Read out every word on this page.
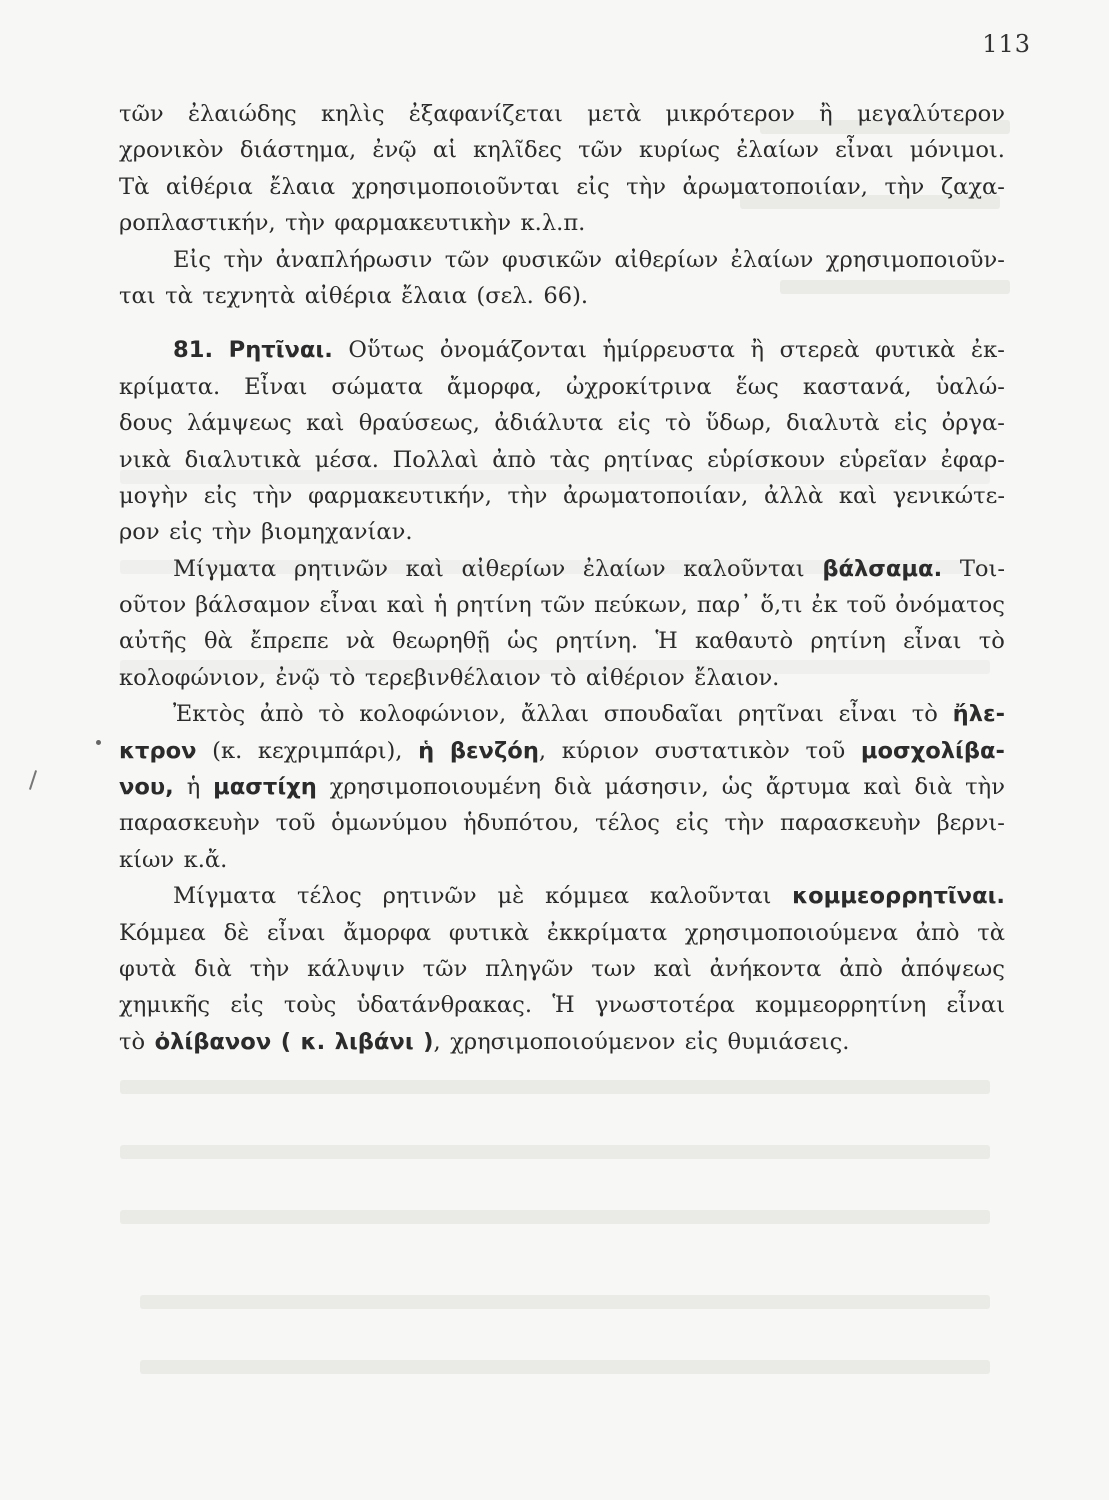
113
τῶν ἐλαιώδης κηλὶς ἐξαφανίζεται μετὰ μικρότερον ἢ μεγαλύτερον
χρονικὸν διάστημα, ἐνῷ αἱ κηλῖδες τῶν κυρίως ἐλαίων εἶναι μόνιμοι.
Τὰ αἰθέρια ἔλαια χρησιμοποιοῦνται εἰς τὴν ἀρωματοποιίαν, τὴν ζαχα-
ροπλαστικήν, τὴν φαρμακευτικὴν κ.λ.π.
Εἰς τὴν ἀναπλήρωσιν τῶν φυσικῶν αἰθερίων ἐλαίων χρησιμοποιοῦν-
ται τὰ τεχνητὰ αἰθέρια ἔλαια (σελ. 66).
81. Ρητῖναι. Οὕτως ὀνομάζονται ἡμίρρευστα ἢ στερεὰ φυτικὰ ἐκ-
κρίματα. Εἶναι σώματα ἄμορφα, ὠχροκίτρινα ἕως καστανά, ὑαλώ-
δους λάμψεως καὶ θραύσεως, ἀδιάλυτα εἰς τὸ ὕδωρ, διαλυτὰ εἰς ὀργα-
νικὰ διαλυτικὰ μέσα. Πολλαὶ ἀπὸ τὰς ρητίνας εὑρίσκουν εὑρεῖαν ἐφαρ-
μογὴν εἰς τὴν φαρμακευτικήν, τὴν ἀρωματοποιίαν, ἀλλὰ καὶ γενικώτε-
ρον εἰς τὴν βιομηχανίαν.
Μίγματα ρητινῶν καὶ αἰθερίων ἐλαίων καλοῦνται βάλσαμα. Τοι-
οῦτον βάλσαμον εἶναι καὶ ἡ ρητίνη τῶν πεύκων, παρ᾽ ὅ,τι ἐκ τοῦ ὀνόματος
αὐτῆς θὰ ἔπρεπε νὰ θεωρηθῇ ὡς ρητίνη. Ἡ καθαυτὸ ρητίνη εἶναι τὸ
κολοφώνιον, ἐνῷ τὸ τερεβινθέλαιον τὸ αἰθέριον ἔλαιον.
Ἐκτὸς ἀπὸ τὸ κολοφώνιον, ἄλλαι σπουδαῖαι ρητῖναι εἶναι τὸ ἤλε-
κτρον (κ. κεχριμπάρι), ἡ βενζόη, κύριον συστατικὸν τοῦ μοσχολίβα-
νου, ἡ μαστίχη χρησιμοποιουμένη διὰ μάσησιν, ὡς ἄρτυμα καὶ διὰ τὴν
παρασκευὴν τοῦ ὁμωνύμου ἡδυπότου, τέλος εἰς τὴν παρασκευὴν βερνι-
κίων κ.ἄ.
Μίγματα τέλος ρητινῶν μὲ κόμμεα καλοῦνται κομμεορρητῖναι.
Κόμμεα δὲ εἶναι ἄμορφα φυτικὰ ἐκκρίματα χρησιμοποιούμενα ἀπὸ τὰ
φυτὰ διὰ τὴν κάλυψιν τῶν πληγῶν των καὶ ἀνήκοντα ἀπὸ ἀπόψεως
χημικῆς εἰς τοὺς ὑδατάνθρακας. Ἡ γνωστοτέρα κομμεορρητίνη εἶναι
τὸ ὀλίβανον ( κ. λιβάνι ), χρησιμοποιούμενον εἰς θυμιάσεις.
